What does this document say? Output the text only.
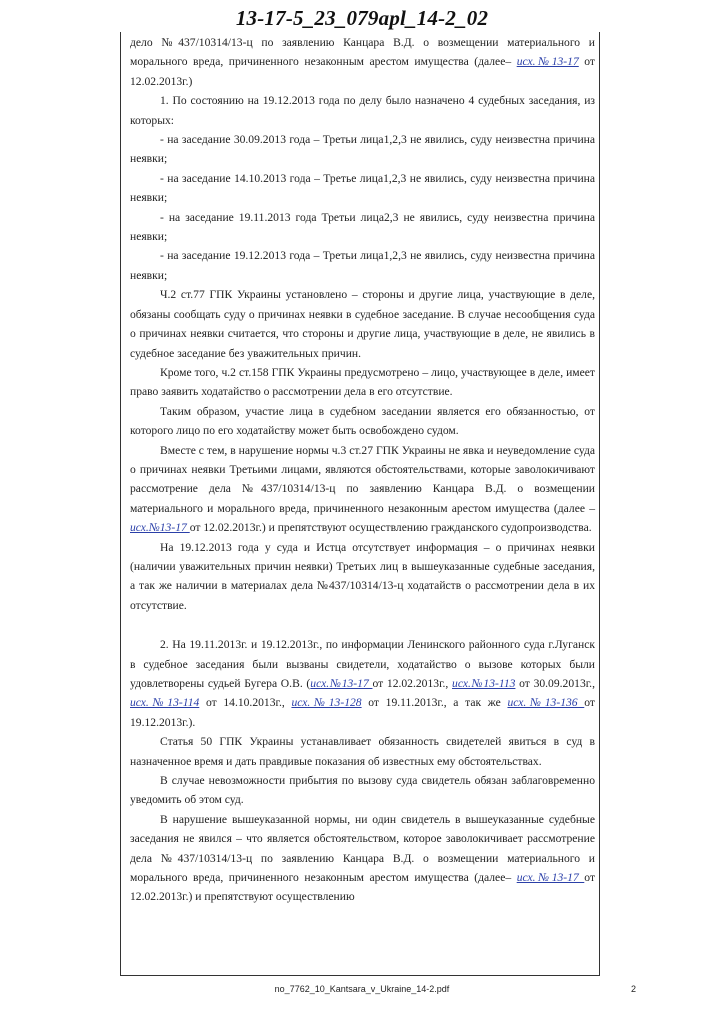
13-17-5_23_079apl_14-2_02

дело №437/10314/13-ц по заявлению Канцара В.Д. о возмещении материального и морального вреда, причиненного незаконным арестом имущества (далее– исх.№13-17 от 12.02.2013г.)

1. По состоянию на 19.12.2013 года по делу было назначено 4 судебных заседания, из которых:

- на заседание 30.09.2013 года – Третьи лица1,2,3 не явились, суду неизвестна причина неявки;

- на заседание 14.10.2013 года – Третье лица1,2,3 не явились, суду неизвестна причина неявки;

- на заседание 19.11.2013 года Третьи лица2,3 не явились, суду неизвестна причина неявки;

- на заседание 19.12.2013 года – Третьи лица1,2,3 не явились, суду неизвестна причина неявки;

Ч.2 ст.77 ГПК Украины установлено – стороны и другие лица, участвующие в деле, обязаны сообщать суду о причинах неявки в судебное заседание. В случае несообщения суда о причинах неявки считается, что стороны и другие лица, участвующие в деле, не явились в судебное заседание без уважительных причин.

Кроме того, ч.2 ст.158 ГПК Украины предусмотрено – лицо, участвующее в деле, имеет право заявить ходатайство о рассмотрении дела в его отсутствие.

Таким образом, участие лица в судебном заседании является его обязанностью, от которого лицо по его ходатайству может быть освобождено судом.

Вместе с тем, в нарушение нормы ч.3 ст.27 ГПК Украины не явка и неуведомление суда о причинах неявки Третьими лицами, являются обстоятельствами, которые заволокичивают рассмотрение дела №437/10314/13-ц по заявлению Канцара В.Д. о возмещении материального и морального вреда, причиненного незаконным арестом имущества (далее – исх.№13-17 от 12.02.2013г.) и препятствуют осуществлению гражданского судопроизводства.

На 19.12.2013 года у суда и Истца отсутствует информация – о причинах неявки (наличии уважительных причин неявки) Третьих лиц в вышеуказанные судебные заседания, а так же наличии в материалах дела №437/10314/13-ц ходатайств о рассмотрении дела в их отсутствие.

2. На 19.11.2013г. и 19.12.2013г., по информации Ленинского районного суда г.Луганск в судебное заседания были вызваны свидетели, ходатайство о вызове которых были удовлетворены судьей Бугера О.В. (исх.№13-17 от 12.02.2013г., исх.№13-113 от 30.09.2013г., исх.№13-114 от 14.10.2013г., исх.№13-128 от 19.11.2013г., а так же исх.№13-136 от 19.12.2013г.).

Статья 50 ГПК Украины устанавливает обязанность свидетелей явиться в суд в назначенное время и дать правдивые показания об известных ему обстоятельствах.

В случае невозможности прибытия по вызову суда свидетель обязан заблаговременно уведомить об этом суд.

В нарушение вышеуказанной нормы, ни один свидетель в вышеуказанные судебные заседания не явился – что является обстоятельством, которое заволокичивает рассмотрение дела №437/10314/13-ц по заявлению Канцара В.Д. о возмещении материального и морального вреда, причиненного незаконным арестом имущества (далее– исх.№13-17 от 12.02.2013г.) и препятствуют осуществлению

no_7762_10_Kantsara_v_Ukraine_14-2.pdf	2
